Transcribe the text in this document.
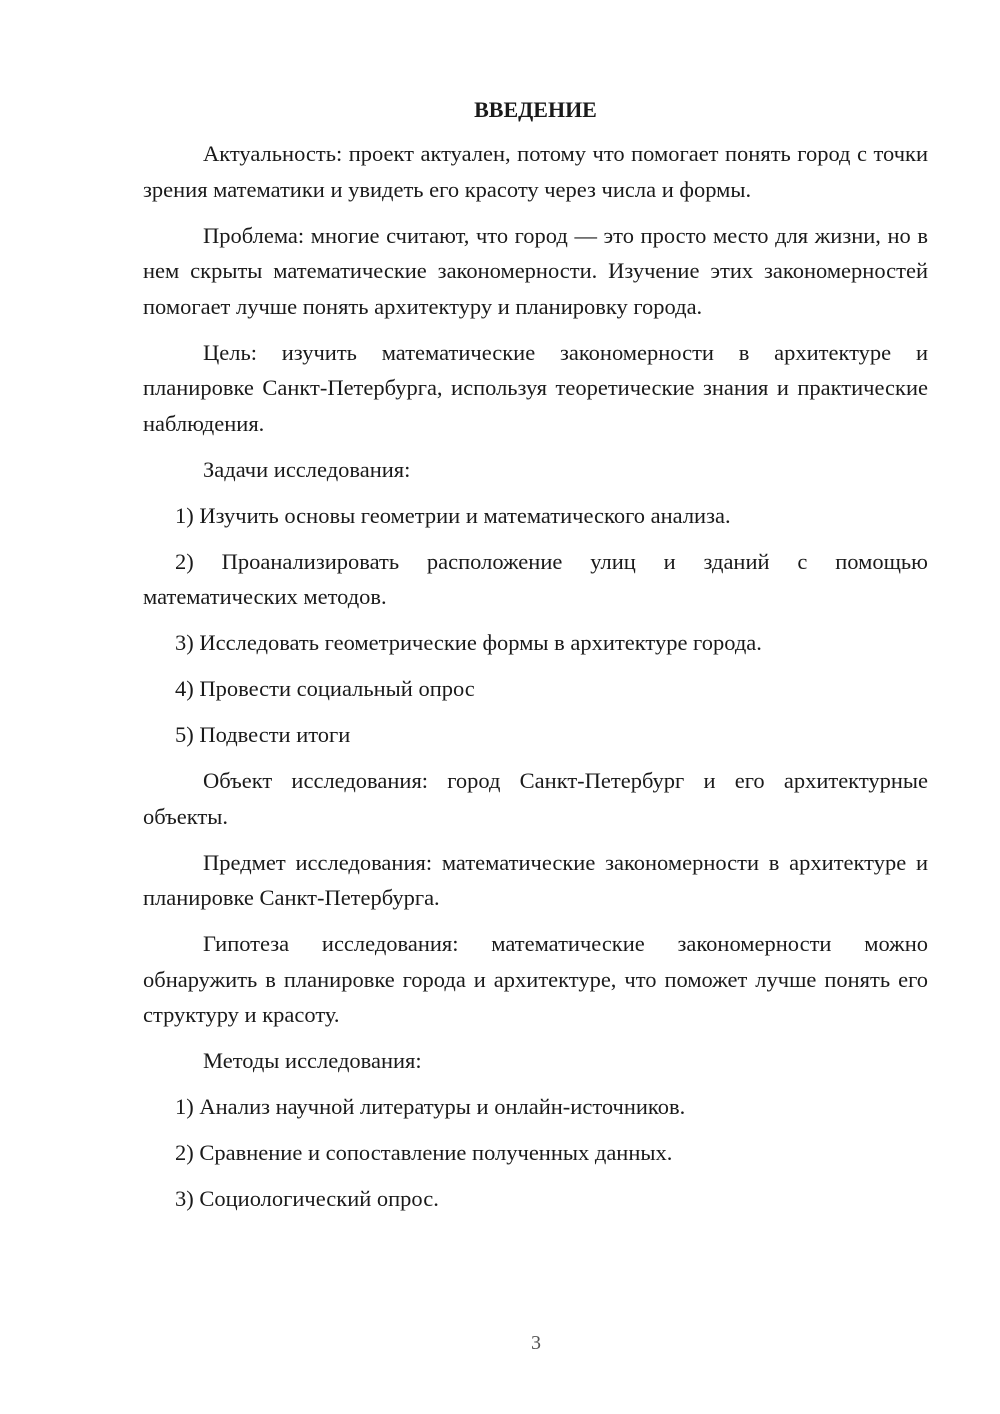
ВВЕДЕНИЕ

Актуальность: проект актуален, потому что помогает понять город с точки зрения математики и увидеть его красоту через числа и формы.

Проблема: многие считают, что город — это просто место для жизни, но в нем скрыты математические закономерности. Изучение этих закономерностей помогает лучше понять архитектуру и планировку города.

Цель: изучить математические закономерности в архитектуре и планировке Санкт-Петербурга, используя теоретические знания и практические наблюдения.

Задачи исследования:

1) Изучить основы геометрии и математического анализа.

2) Проанализировать расположение улиц и зданий с помощью математических методов.

3) Исследовать геометрические формы в архитектуре города.

4) Провести социальный опрос

5) Подвести итоги

Объект исследования: город Санкт-Петербург и его архитектурные объекты.

Предмет исследования: математические закономерности в архитектуре и планировке Санкт-Петербурга.

Гипотеза исследования: математические закономерности можно обнаружить в планировке города и архитектуре, что поможет лучше понять его структуру и красоту.

Методы исследования:

1) Анализ научной литературы и онлайн-источников.

2) Сравнение и сопоставление полученных данных.

3) Социологический опрос.

3
